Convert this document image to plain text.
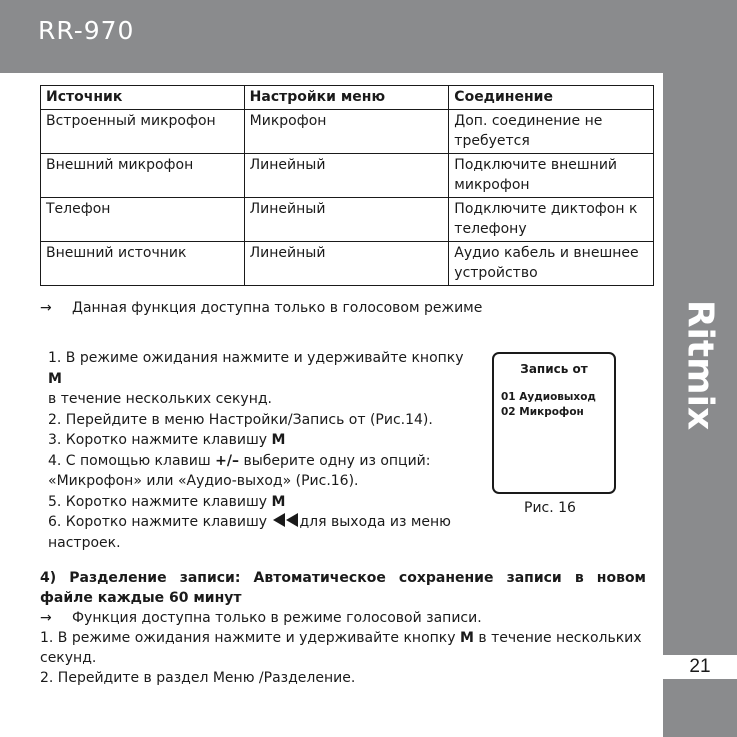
RR-970
Ritmix
21
Источник	Настройки меню	Соединение
Встроенный микрофон	Микрофон	Доп. соединение не требуется
Внешний микрофон	Линейный	Подключите внешний микрофон
Телефон	Линейный	Подключите диктофон к телефону
Внешний источник	Линейный	Аудио кабель и внешнее устройство
→ Данная функция доступна только в голосовом режиме

1. В режиме ожидания нажмите и удерживайте кнопку M

в течение нескольких секунд.

2. Перейдите в меню Настройки/Запись от (Рис.14).

3. Коротко нажмите клавишу M

4. С помощью клавиш +/– выберите одну из опций:

«Микрофон» или «Аудио-выход» (Рис.16).

5. Коротко нажмите клавишу M

6. Коротко нажмите клавишу для выхода из меню

настроек.

Запись от
01 Аудиовыход
02 Микрофон
Рис. 16

4) Разделение записи: Автоматическое сохранение записи в новом файле каждые 60 минут

→ Функция доступна только в режиме голосовой записи.

1. В режиме ожидания нажмите и удерживайте кнопку M в течение нескольких секунд.

2. Перейдите в раздел Меню /Разделение.
